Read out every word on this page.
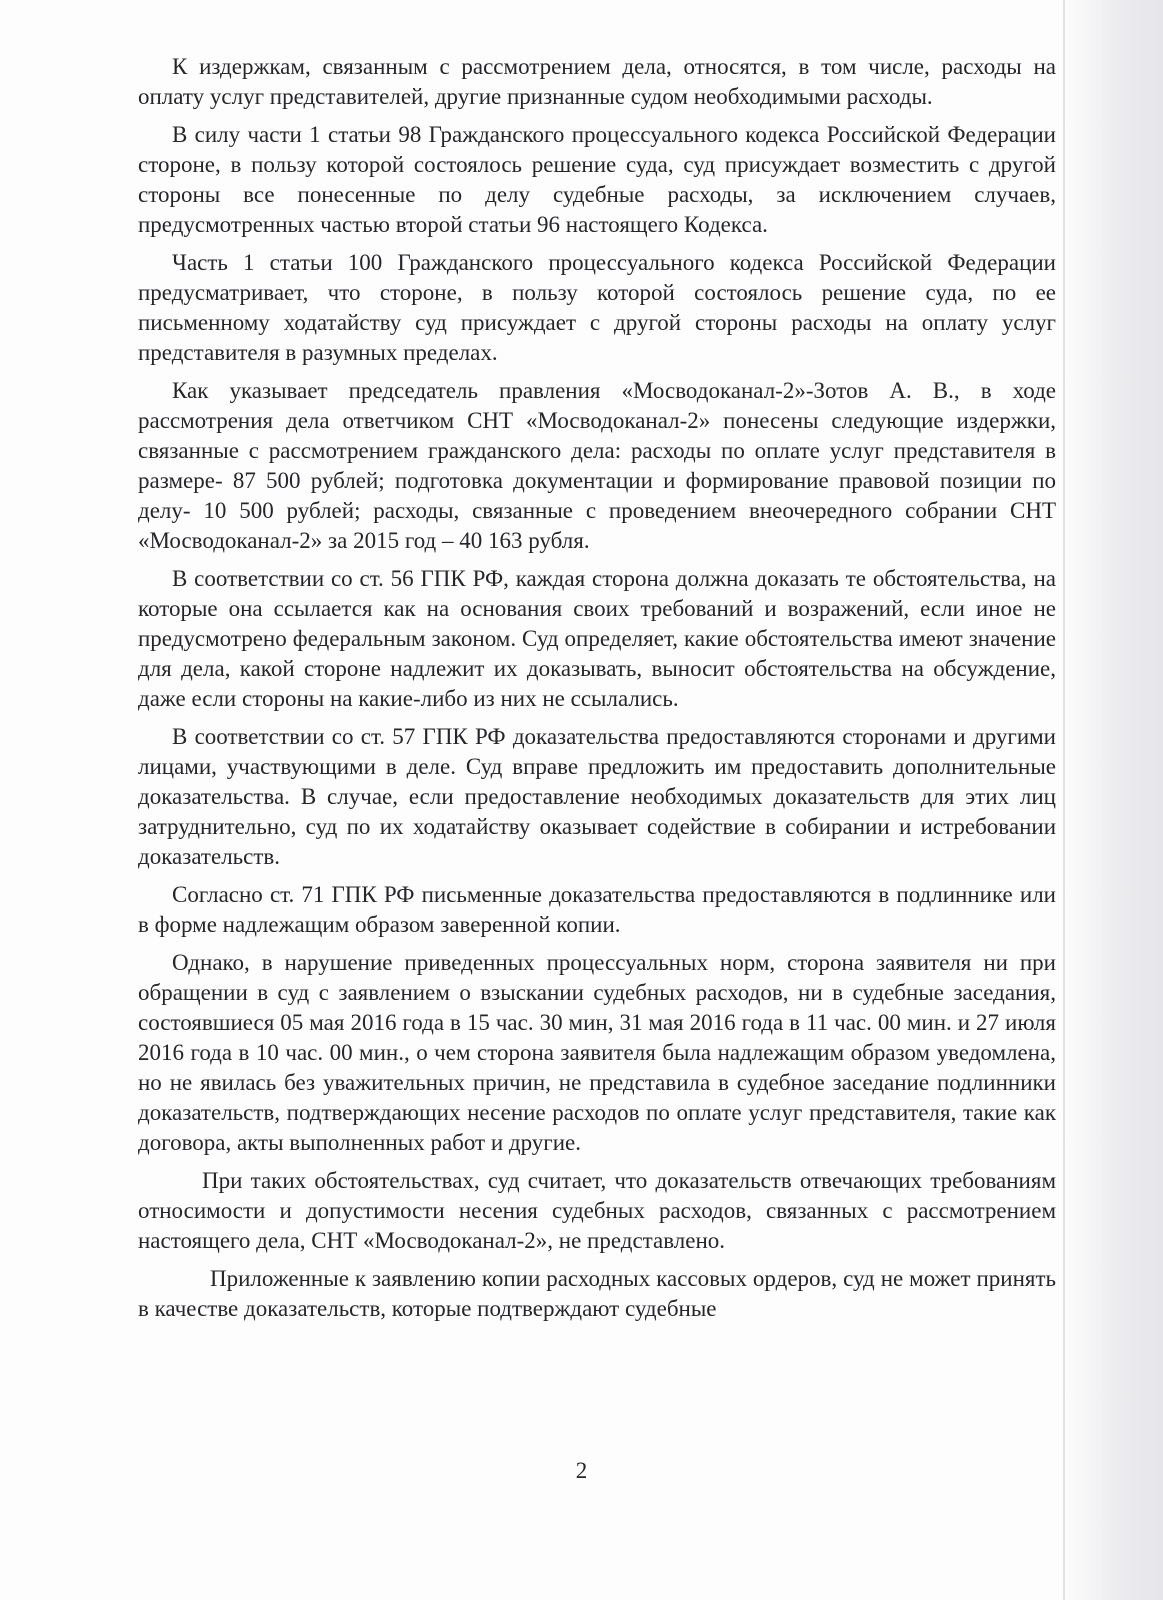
К издержкам, связанным с рассмотрением дела, относятся, в том числе, расходы на оплату услуг представителей, другие признанные судом необходимыми расходы.

В силу части 1 статьи 98 Гражданского процессуального кодекса Российской Федерации стороне, в пользу которой состоялось решение суда, суд присуждает возместить с другой стороны все понесенные по делу судебные расходы, за исключением случаев, предусмотренных частью второй статьи 96 настоящего Кодекса.

Часть 1 статьи 100 Гражданского процессуального кодекса Российской Федерации предусматривает, что стороне, в пользу которой состоялось решение суда, по ее письменному ходатайству суд присуждает с другой стороны расходы на оплату услуг представителя в разумных пределах.

Как указывает председатель правления «Мосводоканал-2»-Зотов А. В., в ходе рассмотрения дела ответчиком СНТ «Мосводоканал-2» понесены следующие издержки, связанные с рассмотрением гражданского дела: расходы по оплате услуг представителя в размере- 87 500 рублей; подготовка документации и формирование правовой позиции по делу- 10 500 рублей; расходы, связанные с проведением внеочередного собрании СНТ «Мосводоканал-2» за 2015 год – 40 163 рубля.

В соответствии со ст. 56 ГПК РФ, каждая сторона должна доказать те обстоятельства, на которые она ссылается как на основания своих требований и возражений, если иное не предусмотрено федеральным законом. Суд определяет, какие обстоятельства имеют значение для дела, какой стороне надлежит их доказывать, выносит обстоятельства на обсуждение, даже если стороны на какие-либо из них не ссылались.

В соответствии со ст. 57 ГПК РФ доказательства предоставляются сторонами и другими лицами, участвующими в деле. Суд вправе предложить им предоставить дополнительные доказательства. В случае, если предоставление необходимых доказательств для этих лиц затруднительно, суд по их ходатайству оказывает содействие в собирании и истребовании доказательств.

Согласно ст. 71 ГПК РФ письменные доказательства предоставляются в подлиннике или в форме надлежащим образом заверенной копии.

Однако, в нарушение приведенных процессуальных норм, сторона заявителя ни при обращении в суд с заявлением о взыскании судебных расходов, ни в судебные заседания, состоявшиеся 05 мая 2016 года в 15 час. 30 мин, 31 мая 2016 года в 11 час. 00 мин. и 27 июля 2016 года в 10 час. 00 мин., о чем сторона заявителя была надлежащим образом уведомлена, но не явилась без уважительных причин, не представила в судебное заседание подлинники доказательств, подтверждающих несение расходов по оплате услуг представителя, такие как договора, акты выполненных работ и другие.

При таких обстоятельствах, суд считает, что доказательств отвечающих требованиям относимости и допустимости несения судебных расходов, связанных с рассмотрением настоящего дела, СНТ «Мосводоканал-2», не представлено.

Приложенные к заявлению копии расходных кассовых ордеров, суд не может принять в качестве доказательств, которые подтверждают судебные

2
